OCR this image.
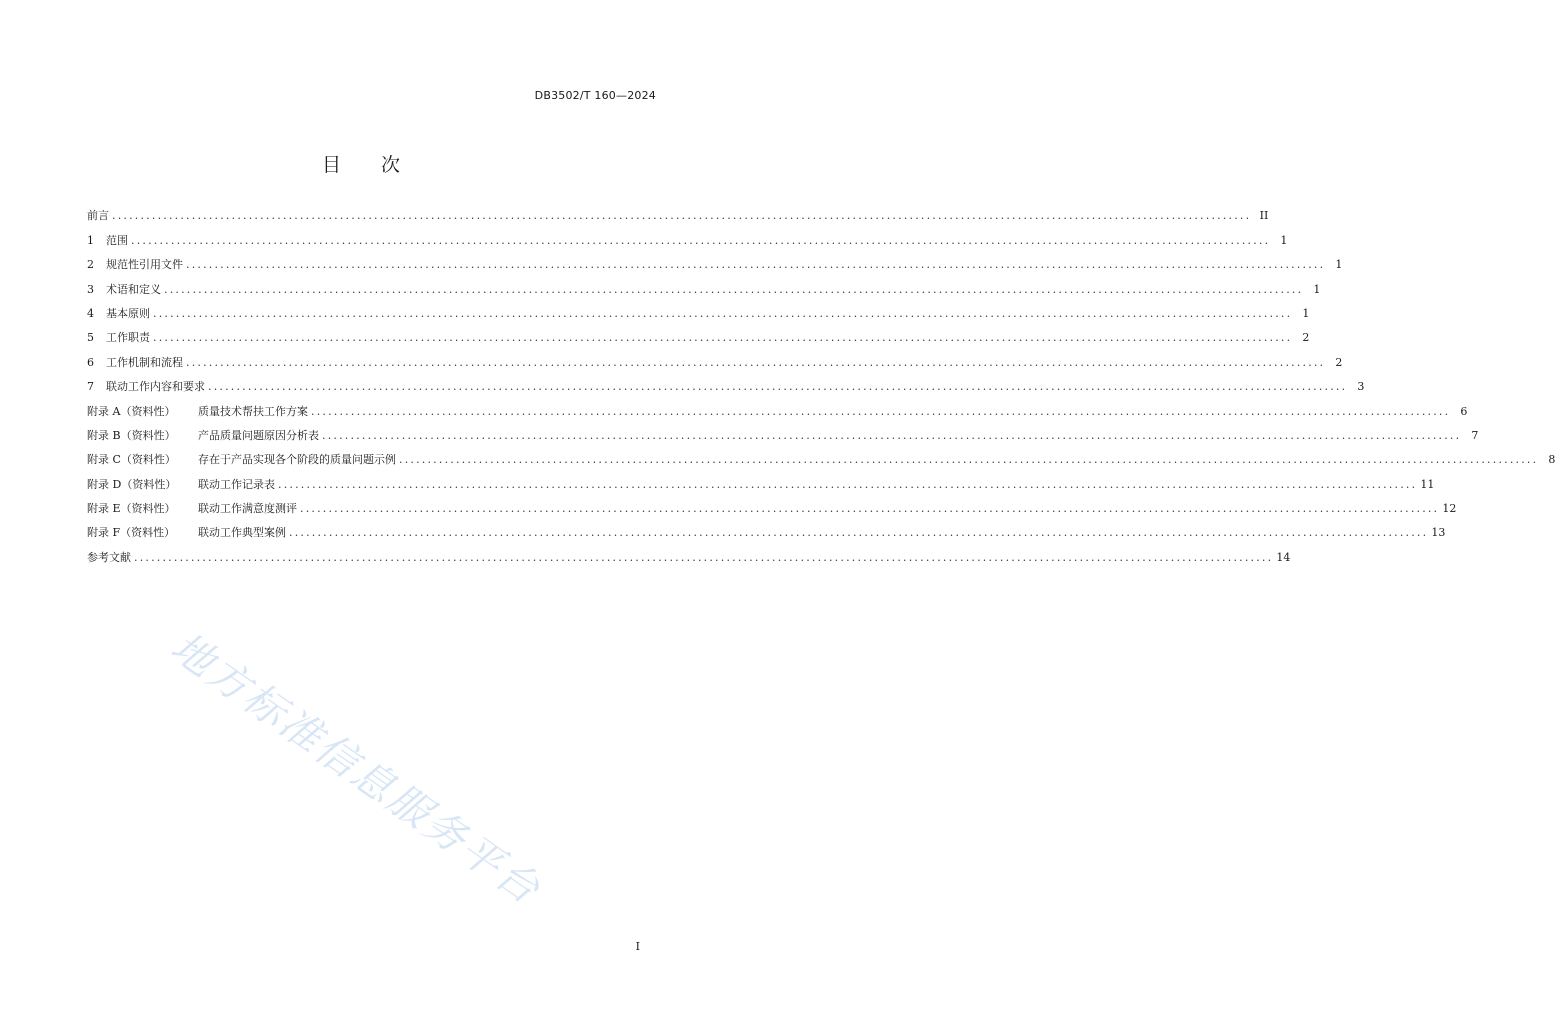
DB3502/T 160—2024
目 次
前言 ........................................................................................................................................................................................................ II
1 范围 ........................................................................................................................................................................................................ 1
2 规范性引用文件 ........................................................................................................................................................................................................ 1
3 术语和定义 ........................................................................................................................................................................................................ 1
4 基本原则 ........................................................................................................................................................................................................ 1
5 工作职责 ........................................................................................................................................................................................................ 2
6 工作机制和流程 ........................................................................................................................................................................................................ 2
7 联动工作内容和要求 ........................................................................................................................................................................................................ 3
附录 A（资料性） 质量技术帮扶工作方案 ........................................................................................................................................................................................................ 6
附录 B（资料性） 产品质量问题原因分析表 ........................................................................................................................................................................................................ 7
附录 C（资料性） 存在于产品实现各个阶段的质量问题示例 ........................................................................................................................................................................................................ 8
附录 D（资料性） 联动工作记录表 ........................................................................................................................................................................................................ 11
附录 E（资料性） 联动工作满意度测评 ........................................................................................................................................................................................................ 12
附录 F（资料性） 联动工作典型案例 ........................................................................................................................................................................................................ 13
参考文献 ........................................................................................................................................................................................................ 14
地方标准信息服务平台
I
